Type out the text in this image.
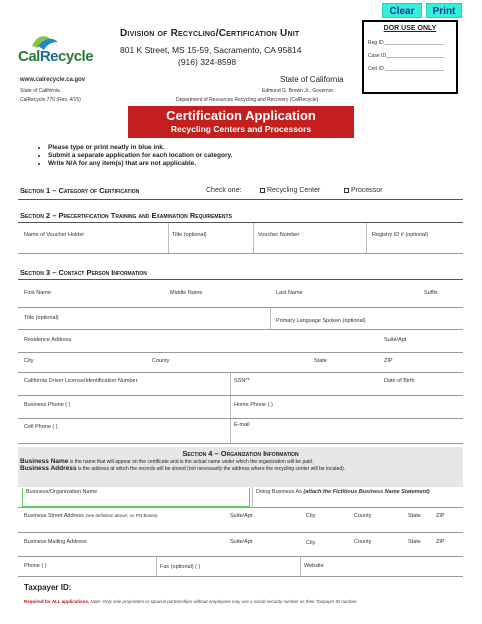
Clear	Print
CalRecycle
Division of Recycling/Certification Unit
801 K Street, MS 15-59, Sacramento, CA 95814
(916) 324-8598
www.calrecycle.ca.gov	State of California
State of California
CalRecycle 770 (Rev. 4/15)
Edmund G. Brown Jr., Governor
Department of Resources Recycling and Recovery (CalRecycle)
DOR USE ONLY
Reg ID _____________________
Case ID_____________________
Cert ID _____________________
Certification Application
Recycling Centers and Processors
• Please type or print neatly in blue ink.
• Submit a separate application for each location or category.
• Write N/A for any item(s) that are not applicable.
Section 1 – Category of Certification	Check one:	Recycling Center	Processor
Section 2 – Precertification Training and Examination Requirements
Name of Voucher Holder	Title (optional)	Voucher Number	Registry ID # (optional)
Section 3 – Contact Person Information
First Name	Middle Name	Last Name	Suffix
Title (optional)	Primary Language Spoken (optional)
Residence Address	Suite/Apt
City	County	State	ZIP
California Driver License/Identification Number	SSN**	Date of Birth
Business Phone ( )	Home Phone ( )
Cell Phone ( )	E-mail
Section 4 – Organization Information
Business Name is the name that will appear on the certificate and is the actual name under which the organization will be paid.
Business Address is the address at which the records will be stored (not necessarily the address where the recycling center will be located).
Business/Organization Name	Doing Business As (attach the Fictitious Business Name Statement)
Business Street Address (see definition above; no PO Boxes)	Suite/Apt	City	County	State	ZIP
Business Mailing Address	Suite/Apt	City	County	State	ZIP
Phone ( )	Fax (optional) ( )	Website
Taxpayer ID:
Required for ALL applications. Note: Only sole proprietors or spousal partnerships without employees may use a social security number as their Taxpayer ID number.
